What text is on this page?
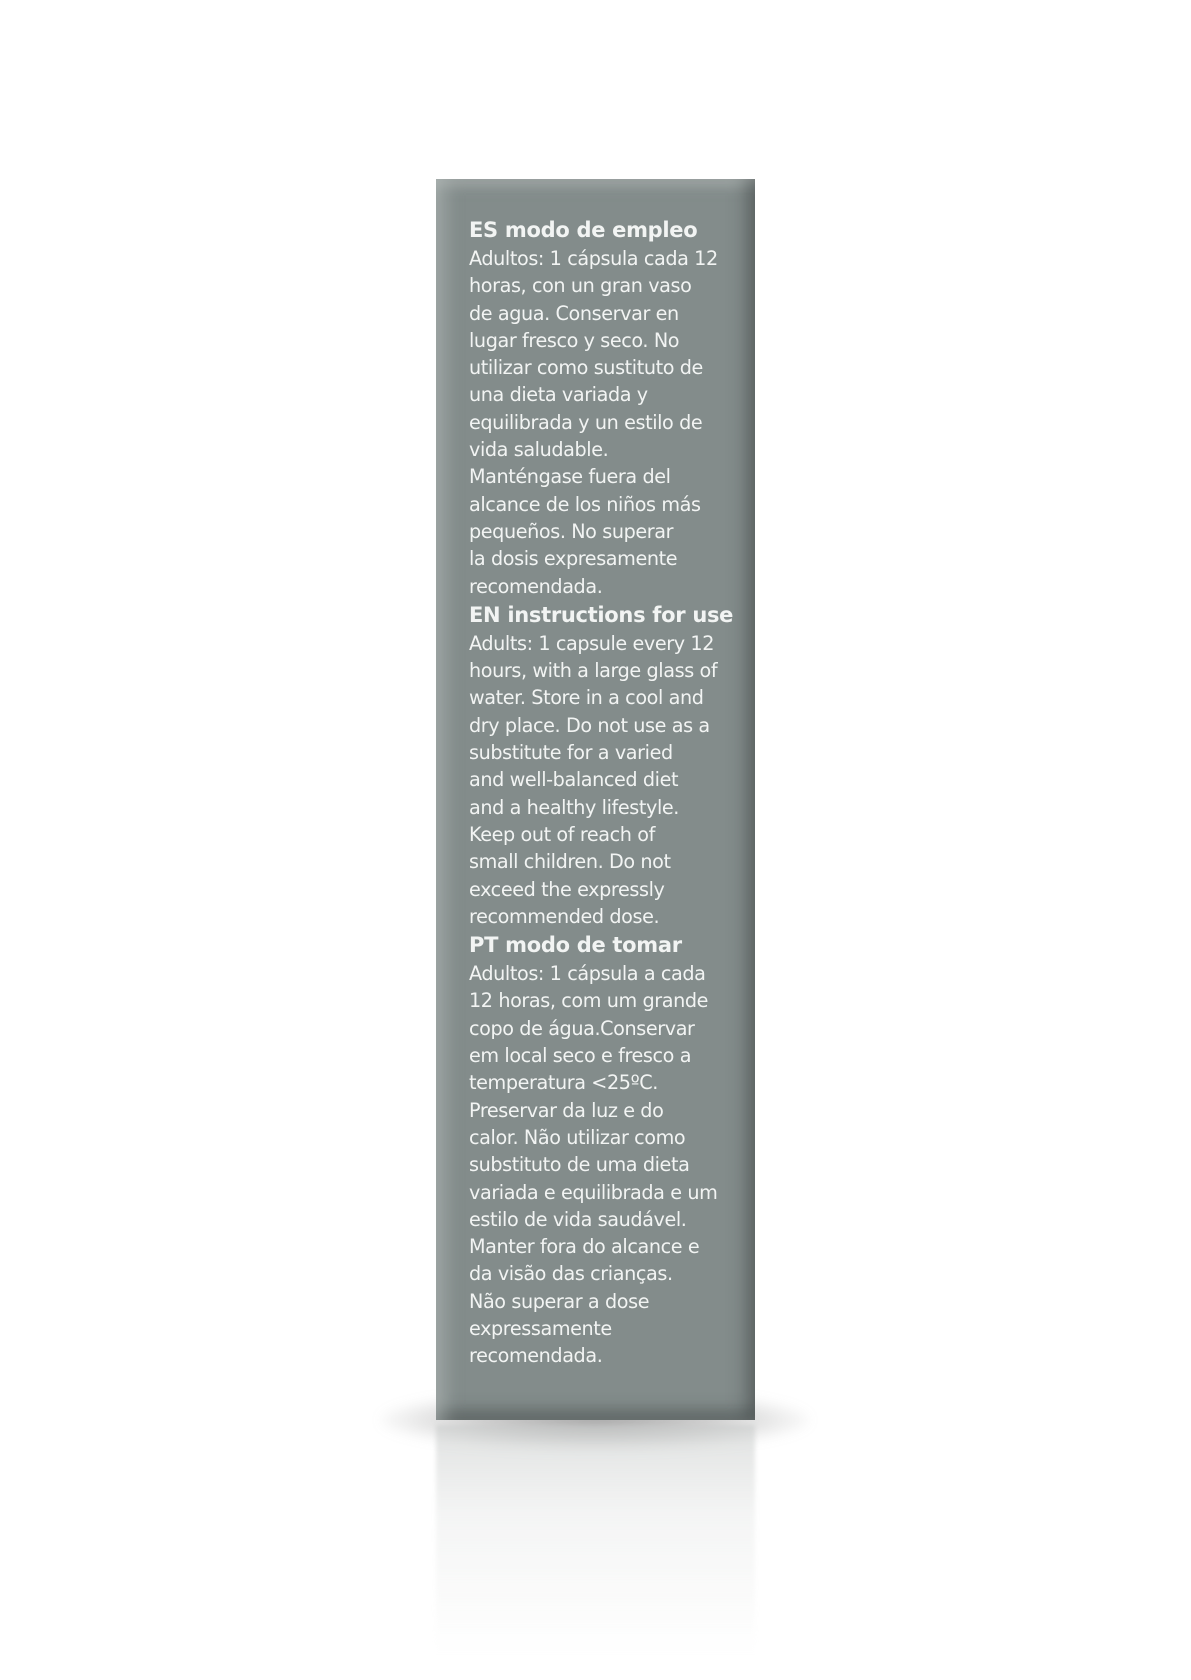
ES modo de empleo
Adultos: 1 cápsula cada 12
horas, con un gran vaso
de agua. Conservar en
lugar fresco y seco. No
utilizar como sustituto de
una dieta variada y
equilibrada y un estilo de
vida saludable.
Manténgase fuera del
alcance de los niños más
pequeños. No superar
la dosis expresamente
recomendada.
EN instructions for use
Adults: 1 capsule every 12
hours, with a large glass of
water. Store in a cool and
dry place. Do not use as a
substitute for a varied
and well-balanced diet
and a healthy lifestyle.
Keep out of reach of
small children. Do not
exceed the expressly
recommended dose.
PT modo de tomar
Adultos: 1 cápsula a cada
12 horas, com um grande
copo de água.Conservar
em local seco e fresco a
temperatura <25ºC.
Preservar da luz e do
calor. Não utilizar como
substituto de uma dieta
variada e equilibrada e um
estilo de vida saudável.
Manter fora do alcance e
da visão das crianças.
Não superar a dose
expressamente
recomendada.
